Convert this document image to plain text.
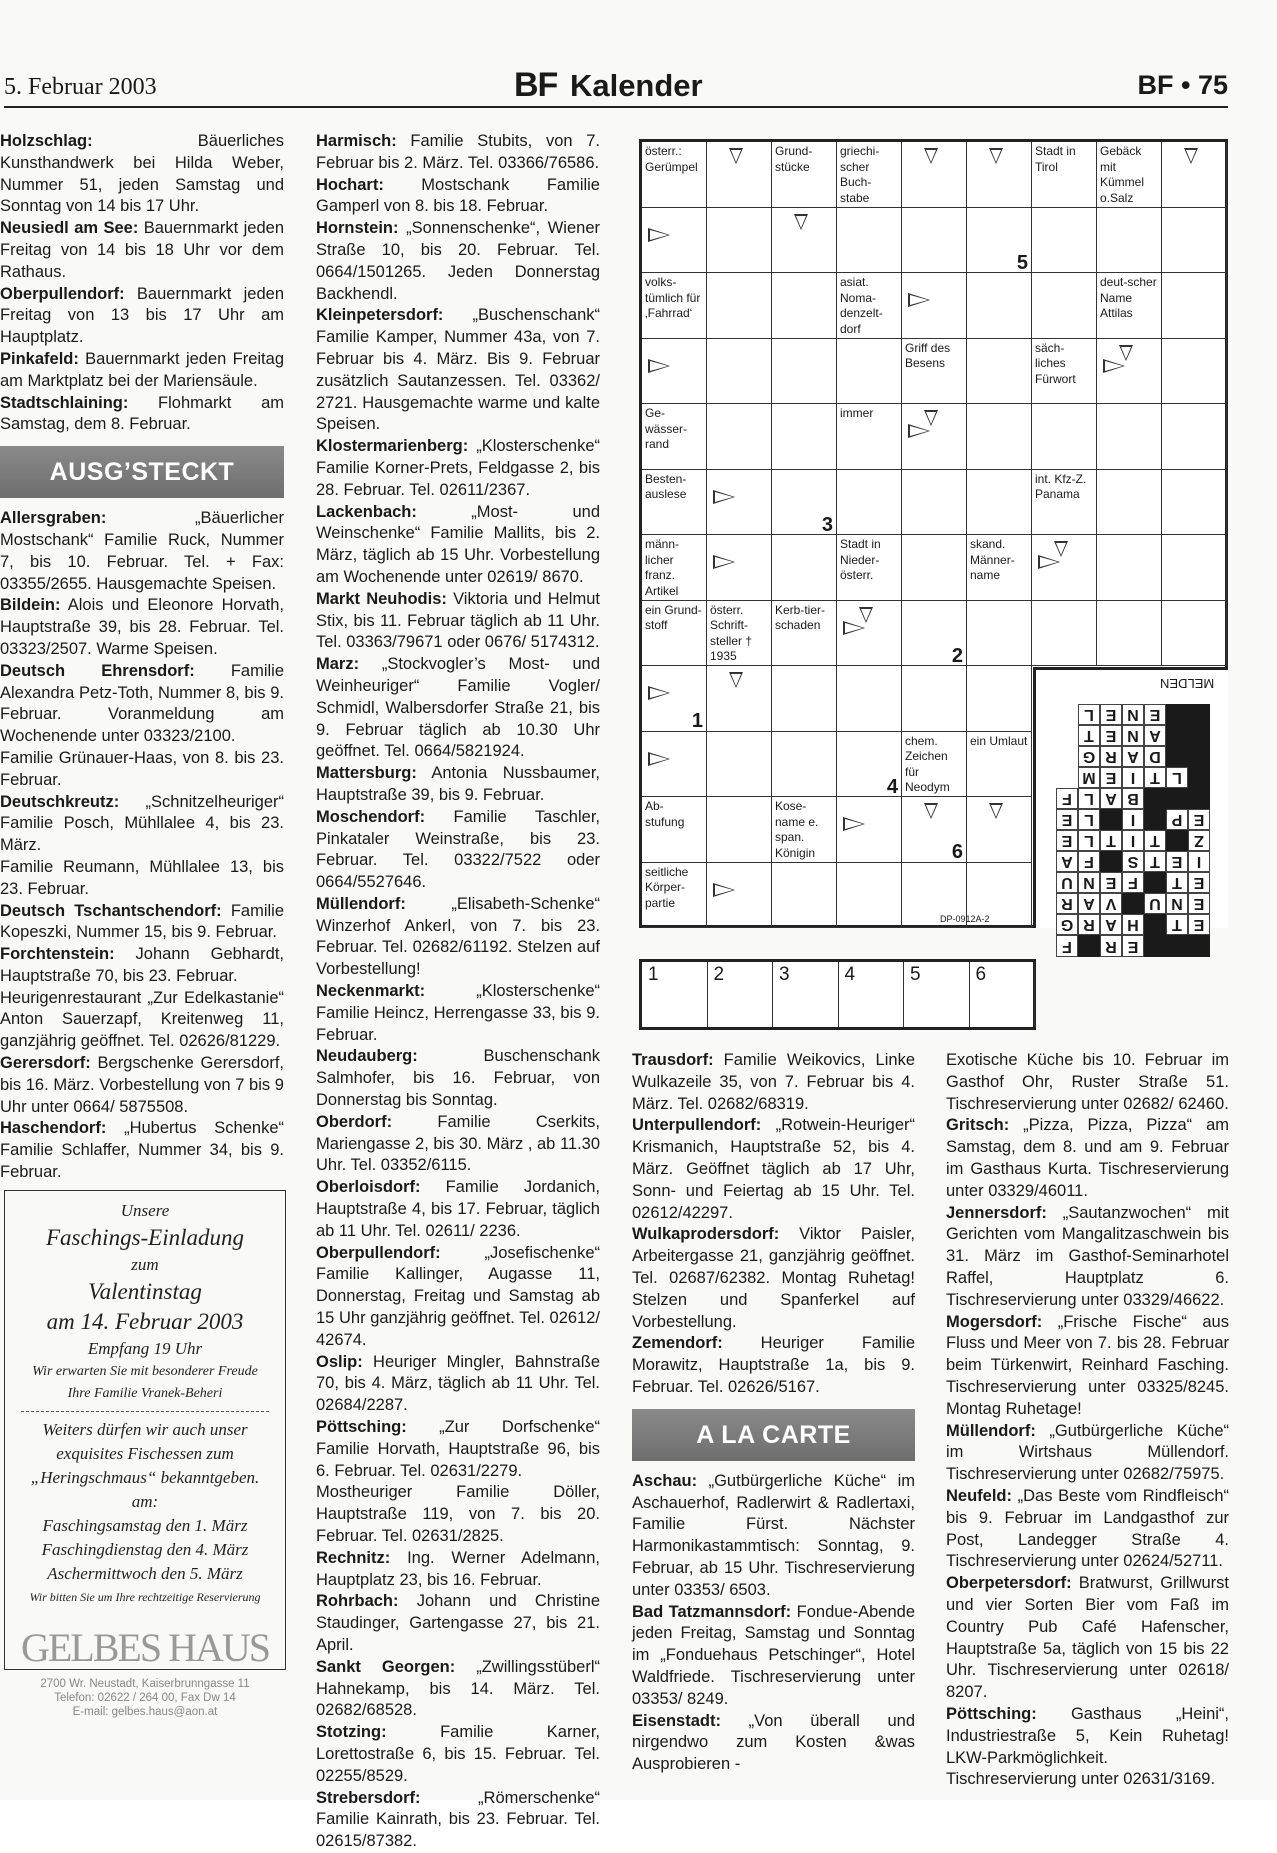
5. Februar 2003	BF Kalender	BF • 75

Holzschlag: Bäuerliches Kunsthandwerk bei Hilda Weber, Nummer 51, jeden Samstag und Sonntag von 14 bis 17 Uhr.

Neusiedl am See: Bauernmarkt jeden Freitag von 14 bis 18 Uhr vor dem Rathaus.

Oberpullendorf: Bauernmarkt jeden Freitag von 13 bis 17 Uhr am Hauptplatz.

Pinkafeld: Bauernmarkt jeden Freitag am Marktplatz bei der Mariensäule.

Stadtschlaining: Flohmarkt am Samstag, dem 8. Februar.

AUSG’STECKT

Allersgraben: „Bäuerlicher Mostschank“ Familie Ruck, Nummer 7, bis 10. Februar. Tel. + Fax: 03355/2655. Hausgemachte Speisen.

Bildein: Alois und Eleonore Horvath, Hauptstraße 39, bis 28. Februar. Tel. 03323/2507. Warme Speisen.

Deutsch Ehrensdorf: Familie Alexandra Petz-Toth, Nummer 8, bis 9. Februar. Voranmeldung am Wochenende unter 03323/2100.

Familie Grünauer-Haas, von 8. bis 23. Februar.

Deutschkreutz: „Schnitzelheuriger“ Familie Posch, Mühllalee 4, bis 23. März.

Familie Reumann, Mühllalee 13, bis 23. Februar.

Deutsch Tschantschendorf: Familie Kopeszki, Nummer 15, bis 9. Februar.

Forchtenstein: Johann Gebhardt, Hauptstraße 70, bis 23. Februar.

Heurigenrestaurant „Zur Edelkastanie“ Anton Sauerzapf, Kreitenweg 11, ganzjährig geöffnet. Tel. 02626/81229.

Gerersdorf: Bergschenke Gerersdorf, bis 16. März. Vorbestellung von 7 bis 9 Uhr unter 0664/ 5875508.

Haschendorf: „Hubertus Schenke“ Familie Schlaffer, Nummer 34, bis 9. Februar.

Unsere
Faschings-Einladung
zum
Valentinstag
am 14. Februar 2003
Empfang 19 Uhr
Wir erwarten Sie mit besonderer Freude
Ihre Familie Vranek-Beheri
Weiters dürfen wir auch unser
exquisites Fischessen zum
„Heringschmaus“ bekanntgeben.
am:
Faschingsamstag den 1. März
Faschingdienstag den 4. März
Aschermittwoch den 5. März
Wir bitten Sie um Ihre rechtzeitige Reservierung
GELBES HAUS
2700 Wr. Neustadt, Kaiserbrunngasse 11
Telefon: 02622 / 264 00, Fax Dw 14
E-mail: gelbes.haus@aon.at

Harmisch: Familie Stubits, von 7. Februar bis 2. März. Tel. 03366/76586.

Hochart: Mostschank Familie Gamperl von 8. bis 18. Februar.

Hornstein: „Sonnenschenke“, Wiener Straße 10, bis 20. Februar. Tel. 0664/1501265. Jeden Donnerstag Backhendl.

Kleinpetersdorf: „Buschenschank“ Familie Kamper, Nummer 43a, von 7. Februar bis 4. März. Bis 9. Februar zusätzlich Sautanzessen. Tel. 03362/ 2721. Hausgemachte warme und kalte Speisen.

Klostermarienberg: „Klosterschenke“ Familie Korner-Prets, Feldgasse 2, bis 28. Februar. Tel. 02611/2367.

Lackenbach: „Most- und Weinschenke“ Familie Mallits, bis 2. März, täglich ab 15 Uhr. Vorbestellung am Wochenende unter 02619/ 8670.

Markt Neuhodis: Viktoria und Helmut Stix, bis 11. Februar täglich ab 11 Uhr. Tel. 03363/79671 oder 0676/ 5174312.

Marz: „Stockvogler’s Most- und Weinheuriger“ Familie Vogler/ Schmidl, Walbersdorfer Straße 21, bis 9. Februar täglich ab 10.30 Uhr geöffnet. Tel. 0664/5821924.

Mattersburg: Antonia Nussbaumer, Hauptstraße 39, bis 9. Februar.

Moschendorf: Familie Taschler, Pinkataler Weinstraße, bis 23. Februar. Tel. 03322/7522 oder 0664/5527646.

Müllendorf: „Elisabeth-Schenke“ Winzerhof Ankerl, von 7. bis 23. Februar. Tel. 02682/61192. Stelzen auf Vorbestellung!

Neckenmarkt: „Klosterschenke“ Familie Heincz, Herrengasse 33, bis 9. Februar.

Neudauberg: Buschenschank Salmhofer, bis 16. Februar, von Donnerstag bis Sonntag.

Oberdorf: Familie Cserkits, Mariengasse 2, bis 30. März , ab 11.30 Uhr. Tel. 03352/6115.

Oberloisdorf: Familie Jordanich, Hauptstraße 4, bis 17. Februar, täglich ab 11 Uhr. Tel. 02611/ 2236.

Oberpullendorf: „Josefischenke“ Familie Kallinger, Augasse 11, Donnerstag, Freitag und Samstag ab 15 Uhr ganzjährig geöffnet. Tel. 02612/ 42674.

Oslip: Heuriger Mingler, Bahnstraße 70, bis 4. März, täglich ab 11 Uhr. Tel. 02684/2287.

Pöttsching: „Zur Dorfschenke“ Familie Horvath, Hauptstraße 96, bis 6. Februar. Tel. 02631/2279.

Mostheuriger Familie Döller, Hauptstraße 119, von 7. bis 20. Februar. Tel. 02631/2825.

Rechnitz: Ing. Werner Adelmann, Hauptplatz 23, bis 16. Februar.

Rohrbach: Johann und Christine Staudinger, Gartengasse 27, bis 21. April.

Sankt Georgen: „Zwillingsstüberl“ Hahnekamp, bis 14. März. Tel. 02682/68528.

Stotzing: Familie Karner, Lorettostraße 6, bis 15. Februar. Tel. 02255/8529.

Strebersdorf: „Römerschenke“ Familie Kainrath, bis 23. Februar. Tel. 02615/87382.

österr.: Gerümpel
Grund-stücke
griechi-scher Buch-stabe
Stadt in Tirol
Gebäck mit Kümmel o.Salz
5
volks-tümlich für ‚Fahrrad‘
asiat. Noma-denzelt-dorf
deut-scher Name Attilas
Griff des Besens
säch-liches Fürwort
Ge-wässer-rand
immer
Besten-auslese
3
int. Kfz-Z. Panama
männ-licher franz. Artikel
Stadt in Nieder-österr.
skand. Männer-name
ein Grund-stoff
österr. Schrift-steller † 1935
Kerb-tier-schaden
2
1
4
chem. Zeichen für Neodym
ein Umlaut
Ab-stufung
Kose-name e. span. Königin	6
seitliche Körper-partie
DP-0912A-2
MELDEN
L E N E
T E N A
G R A D
M E I T L
F L A B
E L	I	P E
E L T I T	Z
A F	S T E I
U N E F	T E
R A V	U N E
G R A H	T E
F	R E
1	2	3	4	5	6

Trausdorf: Familie Weikovics, Linke Wulkazeile 35, von 7. Februar bis 4. März. Tel. 02682/68319.

Unterpullendorf: „Rotwein-Heuriger“ Krismanich, Hauptstraße 52, bis 4. März. Geöffnet täglich ab 17 Uhr, Sonn- und Feiertag ab 15 Uhr. Tel. 02612/42297.

Wulkaprodersdorf: Viktor Paisler, Arbeitergasse 21, ganzjährig geöffnet. Tel. 02687/62382. Montag Ruhetag! Stelzen und Spanferkel auf Vorbestellung.

Zemendorf: Heuriger Familie Morawitz, Hauptstraße 1a, bis 9. Februar. Tel. 02626/5167.

A LA CARTE

Aschau: „Gutbürgerliche Küche“ im Aschauerhof, Radlerwirt & Radlertaxi, Familie Fürst. Nächster Harmonikastammtisch: Sonntag, 9. Februar, ab 15 Uhr. Tischreservierung unter 03353/ 6503.

Bad Tatzmannsdorf: Fondue-Abende jeden Freitag, Samstag und Sonntag im „Fonduehaus Petschinger“, Hotel Waldfriede. Tischreservierung unter 03353/ 8249.

Eisenstadt: „Von überall und nirgendwo zum Kosten &was Ausprobieren -

Exotische Küche bis 10. Februar im Gasthof Ohr, Ruster Straße 51. Tischreservierung unter 02682/ 62460.

Gritsch: „Pizza, Pizza, Pizza“ am Samstag, dem 8. und am 9. Februar im Gasthaus Kurta. Tischreservierung unter 03329/46011.

Jennersdorf: „Sautanzwochen“ mit Gerichten vom Mangalitzaschwein bis 31. März im Gasthof-Seminarhotel Raffel, Hauptplatz 6. Tischreservierung unter 03329/46622.

Mogersdorf: „Frische Fische“ aus Fluss und Meer von 7. bis 28. Februar beim Türkenwirt, Reinhard Fasching. Tischreservierung unter 03325/8245. Montag Ruhetage!

Müllendorf: „Gutbürgerliche Küche“ im Wirtshaus Müllendorf. Tischreservierung unter 02682/75975.

Neufeld: „Das Beste vom Rindfleisch“ bis 9. Februar im Landgasthof zur Post, Landegger Straße 4. Tischreservierung unter 02624/52711.

Oberpetersdorf: Bratwurst, Grillwurst und vier Sorten Bier vom Faß im Country Pub Café Hafenscher, Hauptstraße 5a, täglich von 15 bis 22 Uhr. Tischreservierung unter 02618/ 8207.

Pöttsching: Gasthaus „Heini“, Industriestraße 5, Kein Ruhetag! LKW-Parkmöglichkeit. Tischreservierung unter 02631/3169.
